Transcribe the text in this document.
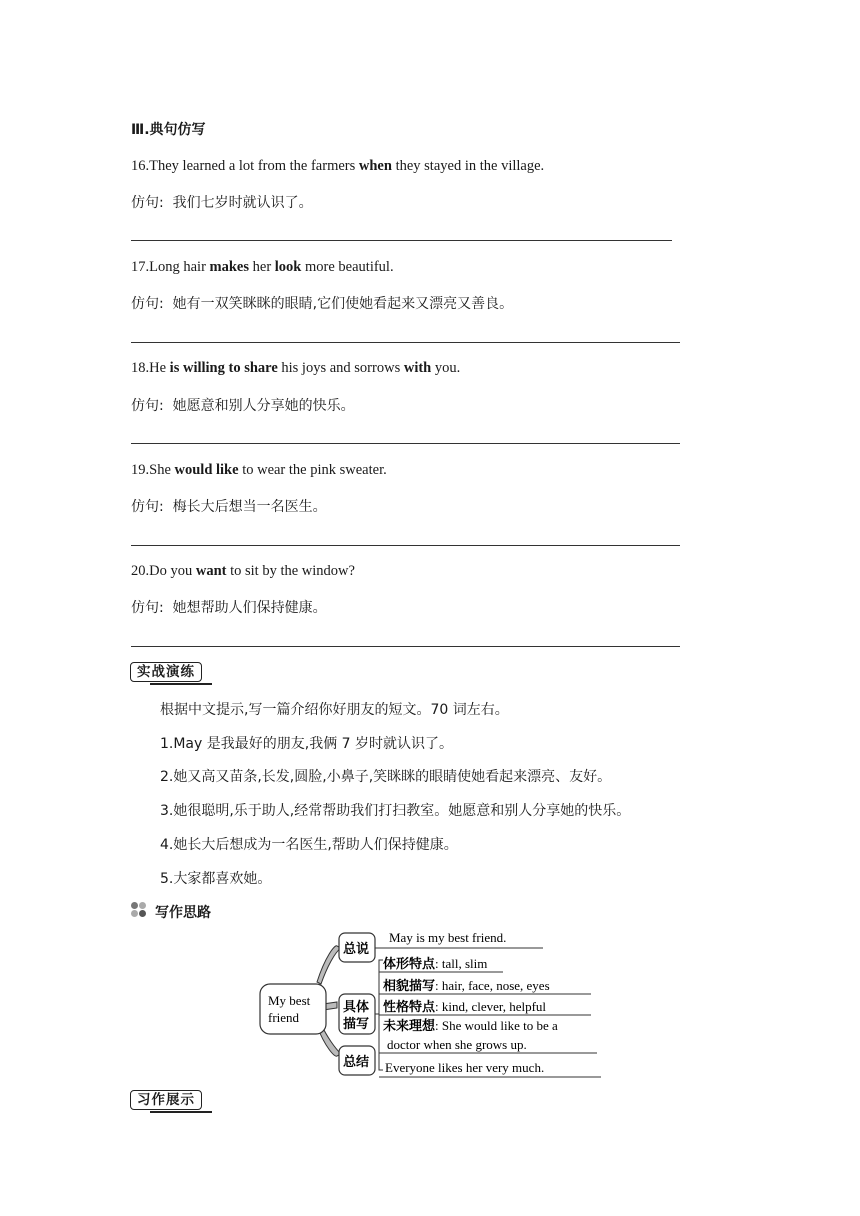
Ⅲ.典句仿写
16.They learned a lot from the farmers when they stayed in the village.
仿句: 我们七岁时就认识了。
17.Long hair makes her look more beautiful.
仿句: 她有一双笑眯眯的眼睛,它们使她看起来又漂亮又善良。
18.He is willing to share his joys and sorrows with you.
仿句: 她愿意和别人分享她的快乐。
19.She would like to wear the pink sweater.
仿句: 梅长大后想当一名医生。
20.Do you want to sit by the window?
仿句: 她想帮助人们保持健康。
实战演练
根据中文提示,写一篇介绍你好朋友的短文。70 词左右。
1.May 是我最好的朋友,我俩 7 岁时就认识了。
2.她又高又苗条,长发,圆脸,小鼻子,笑眯眯的眼睛使她看起来漂亮、友好。
3.她很聪明,乐于助人,经常帮助我们打扫教室。她愿意和别人分享她的快乐。
4.她长大后想成为一名医生,帮助人们保持健康。
5.大家都喜欢她。
写作思路
My best
friend
总说
具体
描写
总结
May is my best friend.
体形特点: tall, slim
相貌描写: hair, face, nose, eyes
性格特点: kind, clever, helpful
未来理想: She would like to be a
doctor when she grows up.
Everyone likes her very much.
习作展示
